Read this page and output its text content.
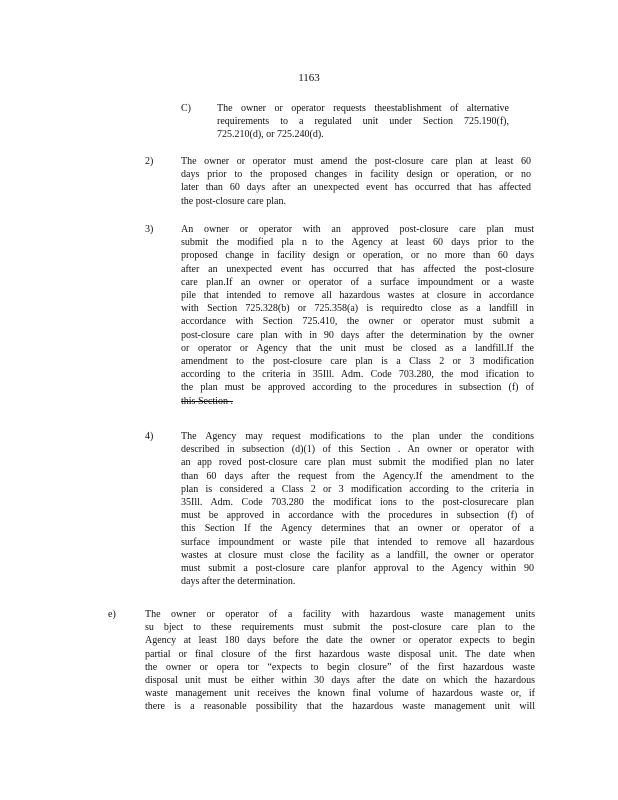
1163
C)	The owner or operator requests theestablishment of alternative
requirements to a regulated unit under Section 725.190(f),
725.210(d), or 725.240(d).
2)	The owner or operator must amend the post-closure care plan at least 60
days prior to the proposed changes in facility design or operation, or no
later than 60 days after an unexpected event has occurred that has affected
the post-closure care plan.
3)	An owner or operator with an approved post-closure care plan must
submit the modified pla n to the Agency at least 60 days prior to the
proposed change in facility design or operation, or no more than 60 days
after an unexpected event has occurred that has affected the post-closure
care plan.If an owner or operator of a surface impoundment or a waste
pile that intended to remove all hazardous wastes at closure in accordance
with Section 725.328(b) or 725.358(a) is requiredto close as a landfill in
accordance with Section 725.410, the owner or operator must submit a
post-closure care plan with in 90 days after the determination by the owner
or operator or Agency that the unit must be closed as a landfill.If the
amendment to the post-closure care plan is a Class 2 or 3 modification
according to the criteria in 35Ill. Adm. Code 703.280, the mod ification to
the plan must be approved according to the procedures in subsection (f) of
this Section .
4)	The Agency may request modifications to the plan under the conditions
described in subsection (d)(1) of this Section . An owner or operator with
an app roved post-closure care plan must submit the modified plan no later
than 60 days after the request from the Agency.If the amendment to the
plan is considered a Class 2 or 3 modification according to the criteria in
35Ill. Adm. Code 703.280 the modificat ions to the post-closurecare plan
must be approved in accordance with the procedures in subsection (f) of
this Section If the Agency determines that an owner or operator of a
surface impoundment or waste pile that intended to remove all hazardous
wastes at closure must close the facility as a landfill, the owner or operator
must submit a post-closure care planfor approval to the Agency within 90
days after the determination.
e)	The owner or operator of a facility with hazardous waste management units
su bject to these requirements must submit the post-closure care plan to the
Agency at least 180 days before the date the owner or operator expects to begin
partial or final closure of the first hazardous waste disposal unit. The date when
the owner or opera tor “expects to begin closure” of the first hazardous waste
disposal unit must be either within 30 days after the date on which the hazardous
waste management unit receives the known final volume of hazardous waste or, if
there is a reasonable possibility that the hazardous waste management unit will
